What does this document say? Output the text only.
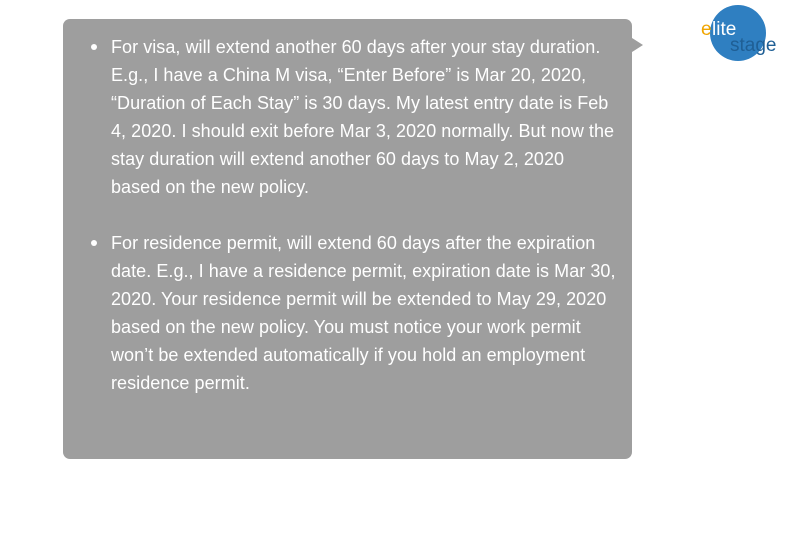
For visa, will extend another 60 days after your stay duration. E.g., I have a China M visa, “Enter Before” is Mar 20, 2020, “Duration of Each Stay” is 30 days. My latest entry date is Feb 4, 2020. I should exit before Mar 3, 2020 normally. But now the stay duration will extend another 60 days to May 2, 2020 based on the new policy.
For residence permit, will extend 60 days after the expiration date. E.g., I have a residence permit, expiration date is Mar 30, 2020. Your residence permit will be extended to May 29, 2020 based on the new policy. You must notice your work permit won’t be extended automatically if you hold an employment residence permit.
e lite
stage
